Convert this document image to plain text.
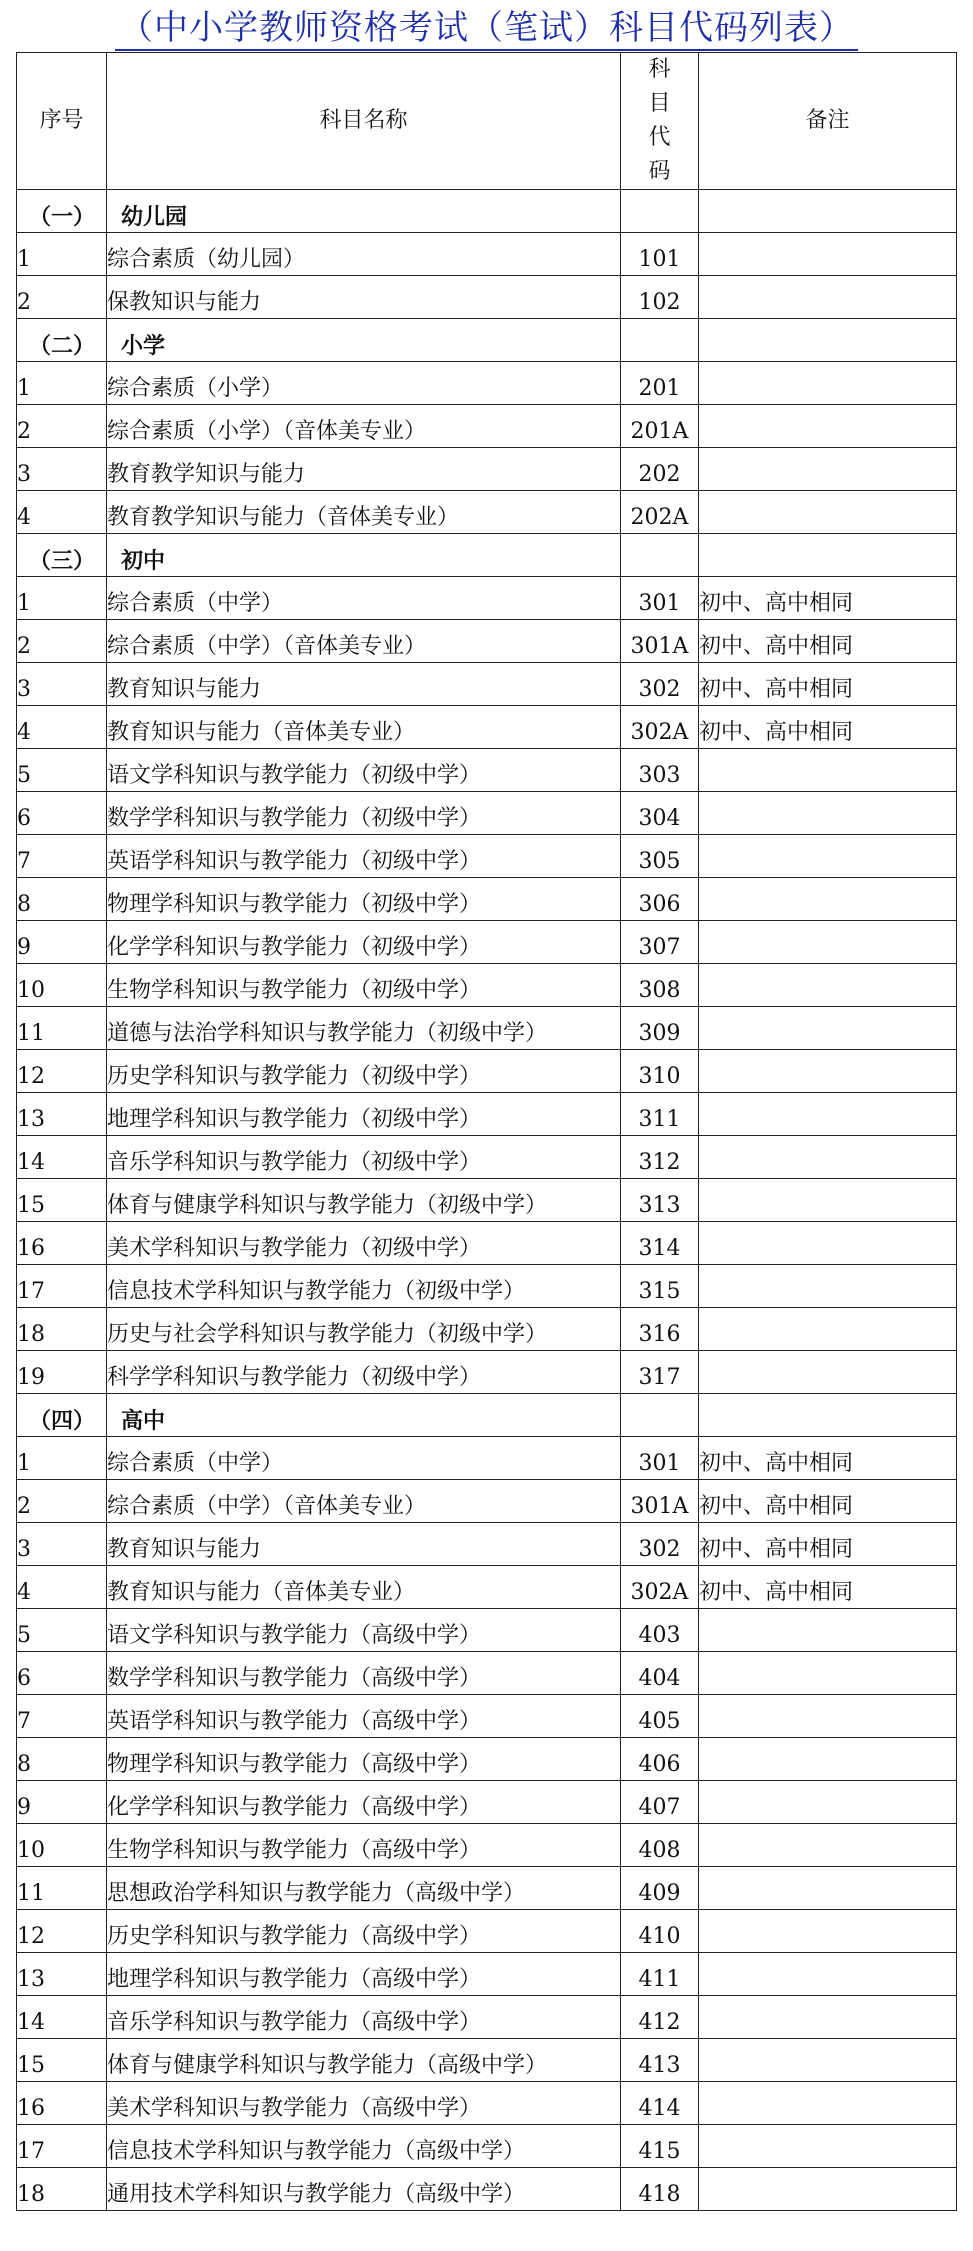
（中小学教师资格考试（笔试）科目代码列表）
序号	科目名称	科目代码	备注
（一）	幼儿园		
1	综合素质（幼儿园）	101	
2	保教知识与能力	102	
（二）	小学		
1	综合素质（小学）	201	
2	综合素质（小学）（音体美专业）	201A	
3	教育教学知识与能力	202	
4	教育教学知识与能力（音体美专业）	202A	
（三）	初中		
1	综合素质（中学）	301	初中、高中相同
2	综合素质（中学）（音体美专业）	301A	初中、高中相同
3	教育知识与能力	302	初中、高中相同
4	教育知识与能力（音体美专业）	302A	初中、高中相同
5	语文学科知识与教学能力（初级中学）	303	
6	数学学科知识与教学能力（初级中学）	304	
7	英语学科知识与教学能力（初级中学）	305	
8	物理学科知识与教学能力（初级中学）	306	
9	化学学科知识与教学能力（初级中学）	307	
10	生物学科知识与教学能力（初级中学）	308	
11	道德与法治学科知识与教学能力（初级中学）	309	
12	历史学科知识与教学能力（初级中学）	310	
13	地理学科知识与教学能力（初级中学）	311	
14	音乐学科知识与教学能力（初级中学）	312	
15	体育与健康学科知识与教学能力（初级中学）	313	
16	美术学科知识与教学能力（初级中学）	314	
17	信息技术学科知识与教学能力（初级中学）	315	
18	历史与社会学科知识与教学能力（初级中学）	316	
19	科学学科知识与教学能力（初级中学）	317	
（四）	高中		
1	综合素质（中学）	301	初中、高中相同
2	综合素质（中学）（音体美专业）	301A	初中、高中相同
3	教育知识与能力	302	初中、高中相同
4	教育知识与能力（音体美专业）	302A	初中、高中相同
5	语文学科知识与教学能力（高级中学）	403	
6	数学学科知识与教学能力（高级中学）	404	
7	英语学科知识与教学能力（高级中学）	405	
8	物理学科知识与教学能力（高级中学）	406	
9	化学学科知识与教学能力（高级中学）	407	
10	生物学科知识与教学能力（高级中学）	408	
11	思想政治学科知识与教学能力（高级中学）	409	
12	历史学科知识与教学能力（高级中学）	410	
13	地理学科知识与教学能力（高级中学）	411	
14	音乐学科知识与教学能力（高级中学）	412	
15	体育与健康学科知识与教学能力（高级中学）	413	
16	美术学科知识与教学能力（高级中学）	414	
17	信息技术学科知识与教学能力（高级中学）	415	
18	通用技术学科知识与教学能力（高级中学）	418	
